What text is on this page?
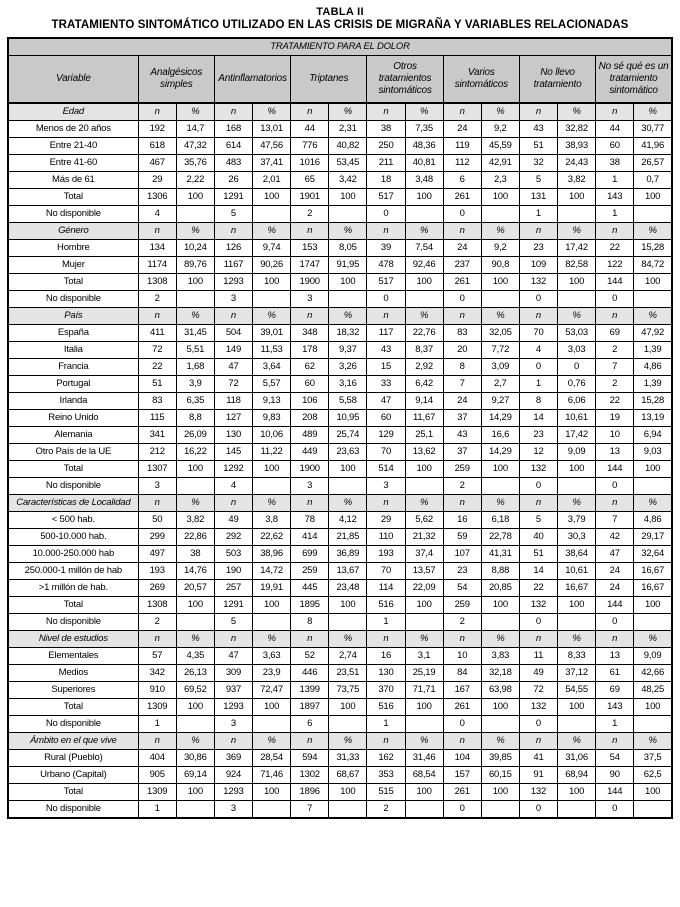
TABLA II
TRATAMIENTO SINTOMÁTICO UTILIZADO EN LAS CRISIS DE MIGRAÑA Y VARIABLES RELACIONADAS
TRATAMIENTO PARA EL DOLOR														
Variable	Analgésicos simples		Antinflamatorios		Triptanes		Otros tratamientos sintomáticos		Varios sintomáticos		No llevo tratamiento		No sé qué es un tratamiento sintomático	
Edad	n	%	n	%	n	%	n	%	n	%	n	%	n	%
Menos de 20 años	192	14,7	168	13,01	44	2,31	38	7,35	24	9,2	43	32,82	44	30,77
Entre 21-40	618	47,32	614	47,56	776	40,82	250	48,36	119	45,59	51	38,93	60	41,96
Entre 41-60	467	35,76	483	37,41	1016	53,45	211	40,81	112	42,91	32	24,43	38	26,57
Más de 61	29	2,22	26	2,01	65	3,42	18	3,48	6	2,3	5	3,82	1	0,7
Total	1306	100	1291	100	1901	100	517	100	261	100	131	100	143	100
No disponible	4		5		2		0		0		1		1	
Género	n	%	n	%	n	%	n	%	n	%	n	%	n	%
Hombre	134	10,24	126	9,74	153	8,05	39	7,54	24	9,2	23	17,42	22	15,28
Mujer	1174	89,76	1167	90,26	1747	91,95	478	92,46	237	90,8	109	82,58	122	84,72
Total	1308	100	1293	100	1900	100	517	100	261	100	132	100	144	100
No disponible	2		3		3		0		0		0		0	
País	n	%	n	%	n	%	n	%	n	%	n	%	n	%
España	411	31,45	504	39,01	348	18,32	117	22,76	83	32,05	70	53,03	69	47,92
Italia	72	5,51	149	11,53	178	9,37	43	8,37	20	7,72	4	3,03	2	1,39
Francia	22	1,68	47	3,64	62	3,26	15	2,92	8	3,09	0	0	7	4,86
Portugal	51	3,9	72	5,57	60	3,16	33	6,42	7	2,7	1	0,76	2	1,39
Irlanda	83	6,35	118	9,13	106	5,58	47	9,14	24	9,27	8	6,06	22	15,28
Reino Unido	115	8,8	127	9,83	208	10,95	60	11,67	37	14,29	14	10,61	19	13,19
Alemania	341	26,09	130	10,06	489	25,74	129	25,1	43	16,6	23	17,42	10	6,94
Otro País de la UE	212	16,22	145	11,22	449	23,63	70	13,62	37	14,29	12	9,09	13	9,03
Total	1307	100	1292	100	1900	100	514	100	259	100	132	100	144	100
No disponible	3		4		3		3		2		0		0	
Características de Localidad	n	%	n	%	n	%	n	%	n	%	n	%	n	%
< 500 hab.	50	3,82	49	3,8	78	4,12	29	5,62	16	6,18	5	3,79	7	4,86
500-10.000 hab.	299	22,86	292	22,62	414	21,85	110	21,32	59	22,78	40	30,3	42	29,17
10.000-250.000 hab	497	38	503	38,96	699	36,89	193	37,4	107	41,31	51	38,64	47	32,64
250.000-1 millón de hab	193	14,76	190	14,72	259	13,67	70	13,57	23	8,88	14	10,61	24	16,67
>1 millón de hab.	269	20,57	257	19,91	445	23,48	114	22,09	54	20,85	22	16,67	24	16,67
Total	1308	100	1291	100	1895	100	516	100	259	100	132	100	144	100
No disponible	2		5		8		1		2		0		0	
Nivel de estudios	n	%	n	%	n	%	n	%	n	%	n	%	n	%
Elementales	57	4,35	47	3,63	52	2,74	16	3,1	10	3,83	11	8,33	13	9,09
Medios	342	26,13	309	23,9	446	23,51	130	25,19	84	32,18	49	37,12	61	42,66
Superiores	910	69,52	937	72,47	1399	73,75	370	71,71	167	63,98	72	54,55	69	48,25
Total	1309	100	1293	100	1897	100	516	100	261	100	132	100	143	100
No disponible	1		3		6		1		0		0		1	
Ámbito en el que vive	n	%	n	%	n	%	n	%	n	%	n	%	n	%
Rural (Pueblo)	404	30,86	369	28,54	594	31,33	162	31,46	104	39,85	41	31,06	54	37,5
Urbano (Capital)	905	69,14	924	71,46	1302	68,67	353	68,54	157	60,15	91	68,94	90	62,5
Total	1309	100	1293	100	1896	100	515	100	261	100	132	100	144	100
No disponible	1		3		7		2		0		0		0	
